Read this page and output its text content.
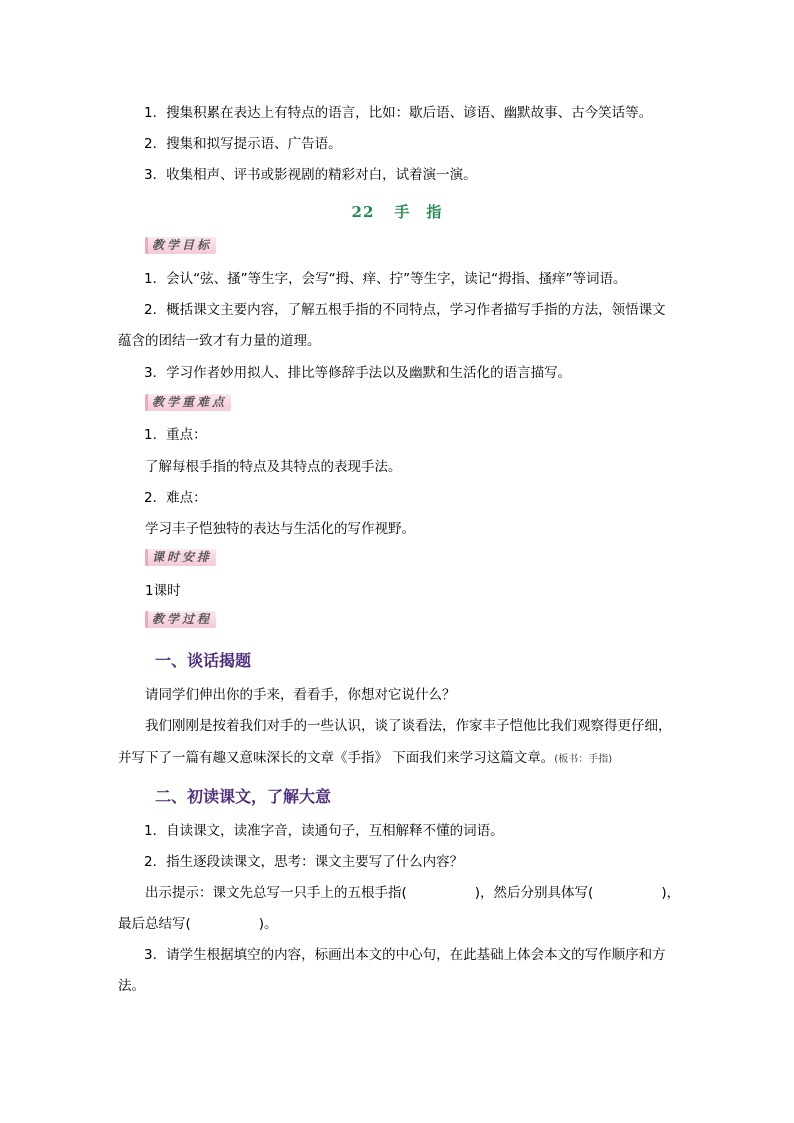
1．搜集积累在表达上有特点的语言，比如：歇后语、谚语、幽默故事、古今笑话等。
2．搜集和拟写提示语、广告语。
3．收集相声、评书或影视剧的精彩对白，试着演一演。
22 手　指
教学目标
1．会认“弦、搔”等生字，会写“拇、痒、拧”等生字，读记“拇指、搔痒”等词语。
2．概括课文主要内容，了解五根手指的不同特点，学习作者描写手指的方法，领悟课文
蕴含的团结一致才有力量的道理。
3．学习作者妙用拟人、排比等修辞手法以及幽默和生活化的语言描写。
教学重难点
1．重点：
了解每根手指的特点及其特点的表现手法。
2．难点：
学习丰子恺独特的表达与生活化的写作视野。
课时安排
1课时
教学过程
一、谈话揭题
请同学们伸出你的手来，看看手，你想对它说什么？
我们刚刚是按着我们对手的一些认识，谈了谈看法，作家丰子恺他比我们观察得更仔细，
并写下了一篇有趣又意味深长的文章《手指》 下面我们来学习这篇文章。(板书：手指)
二、初读课文，了解大意
1．自读课文，读准字音，读通句子，互相解释不懂的词语。
2．指生逐段读课文，思考：课文主要写了什么内容？
出示提示：课文先总写一只手上的五根手指(	)，然后分别具体写(	)，
最后总结写(	)。
3．请学生根据填空的内容，标画出本文的中心句，在此基础上体会本文的写作顺序和方
法。
